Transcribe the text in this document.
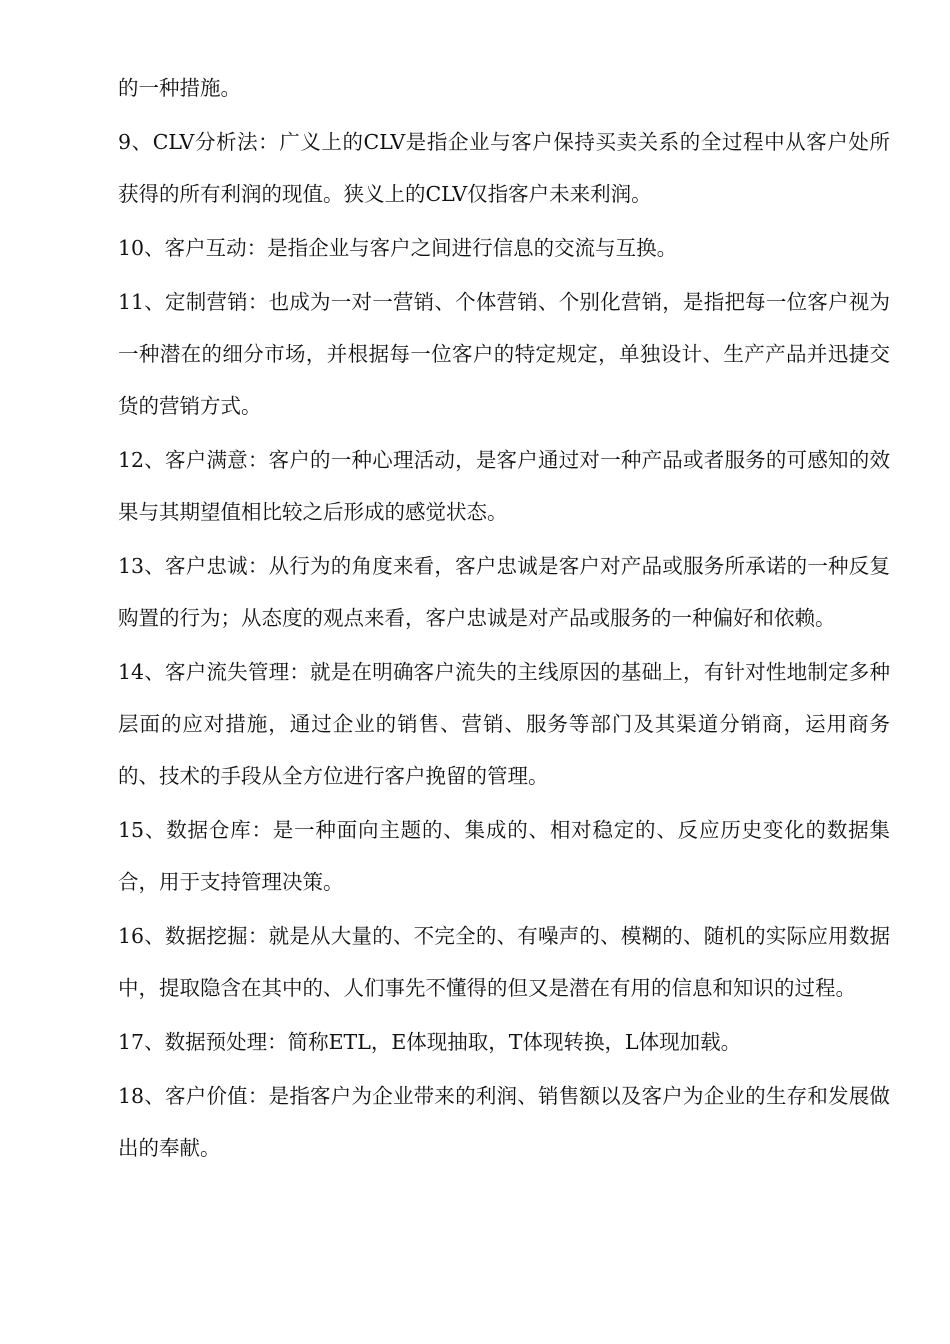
的一种措施。

9、CLV分析法：广义上的CLV是指企业与客户保持买卖关系的全过程中从客户处所获得的所有利润的现值。狭义上的CLV仅指客户未来利润。

10、客户互动：是指企业与客户之间进行信息的交流与互换。

11、定制营销：也成为一对一营销、个体营销、个别化营销，是指把每一位客户视为一种潜在的细分市场，并根据每一位客户的特定规定，单独设计、生产产品并迅捷交货的营销方式。

12、客户满意：客户的一种心理活动，是客户通过对一种产品或者服务的可感知的效果与其期望值相比较之后形成的感觉状态。

13、客户忠诚：从行为的角度来看，客户忠诚是客户对产品或服务所承诺的一种反复购置的行为；从态度的观点来看，客户忠诚是对产品或服务的一种偏好和依赖。

14、客户流失管理：就是在明确客户流失的主线原因的基础上，有针对性地制定多种层面的应对措施，通过企业的销售、营销、服务等部门及其渠道分销商，运用商务的、技术的手段从全方位进行客户挽留的管理。

15、数据仓库：是一种面向主题的、集成的、相对稳定的、反应历史变化的数据集合，用于支持管理决策。

16、数据挖掘：就是从大量的、不完全的、有噪声的、模糊的、随机的实际应用数据中，提取隐含在其中的、人们事先不懂得的但又是潜在有用的信息和知识的过程。

17、数据预处理：简称ETL，E体现抽取，T体现转换，L体现加载。

18、客户价值：是指客户为企业带来的利润、销售额以及客户为企业的生存和发展做出的奉献。
